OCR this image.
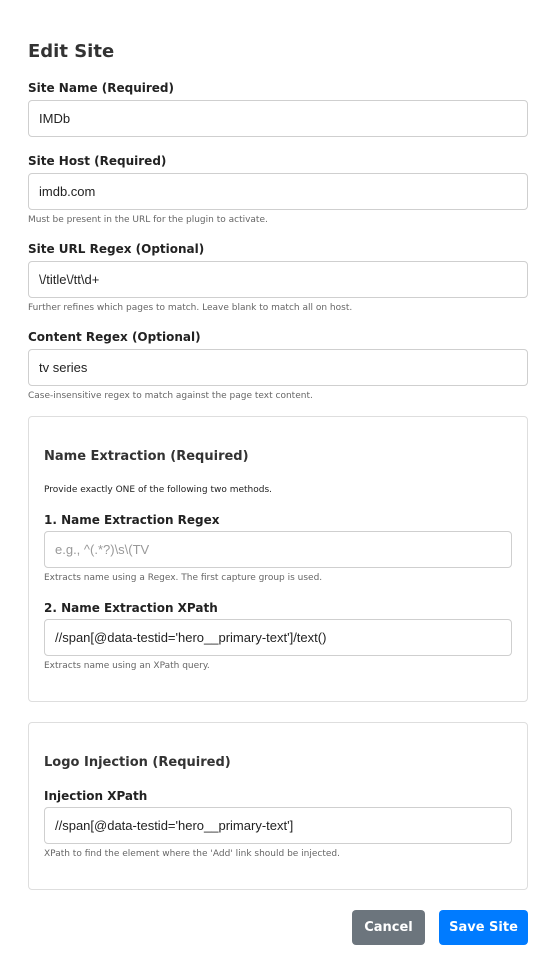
Edit Site
Site Name (Required)
IMDb
Site Host (Required)
imdb.com
Must be present in the URL for the plugin to activate.
Site URL Regex (Optional)
\/title\/tt\d+
Further refines which pages to match. Leave blank to match all on host.
Content Regex (Optional)
tv series
Case-insensitive regex to match against the page text content.
Name Extraction (Required)

Provide exactly ONE of the following two methods.

1. Name Extraction Regex
e.g., ^(.*?)\s\(TV
Extracts name using a Regex. The first capture group is used.
2. Name Extraction XPath
//span[@data-testid='hero__primary-text']/text()
Extracts name using an XPath query.
Logo Injection (Required)
Injection XPath
//span[@data-testid='hero__primary-text']
XPath to find the element where the 'Add' link should be injected.
Cancel	Save Site
